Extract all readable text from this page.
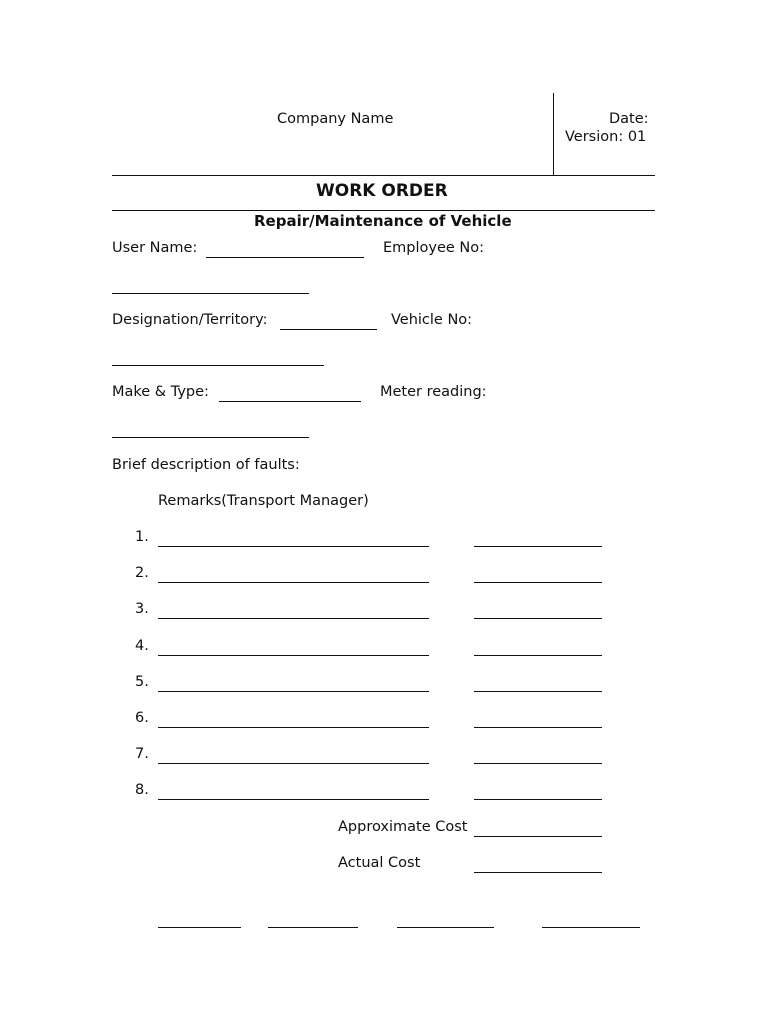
Company Name	Date:
Version: 01
WORK ORDER
Repair/Maintenance of Vehicle
User Name:	Employee No:
Designation/Territory:	Vehicle No:
Make & Type:	Meter reading:
Brief description of faults:
Remarks(Transport Manager)
1.
2.
3.
4.
5.
6.
7.
8.
Approximate Cost
Actual Cost
